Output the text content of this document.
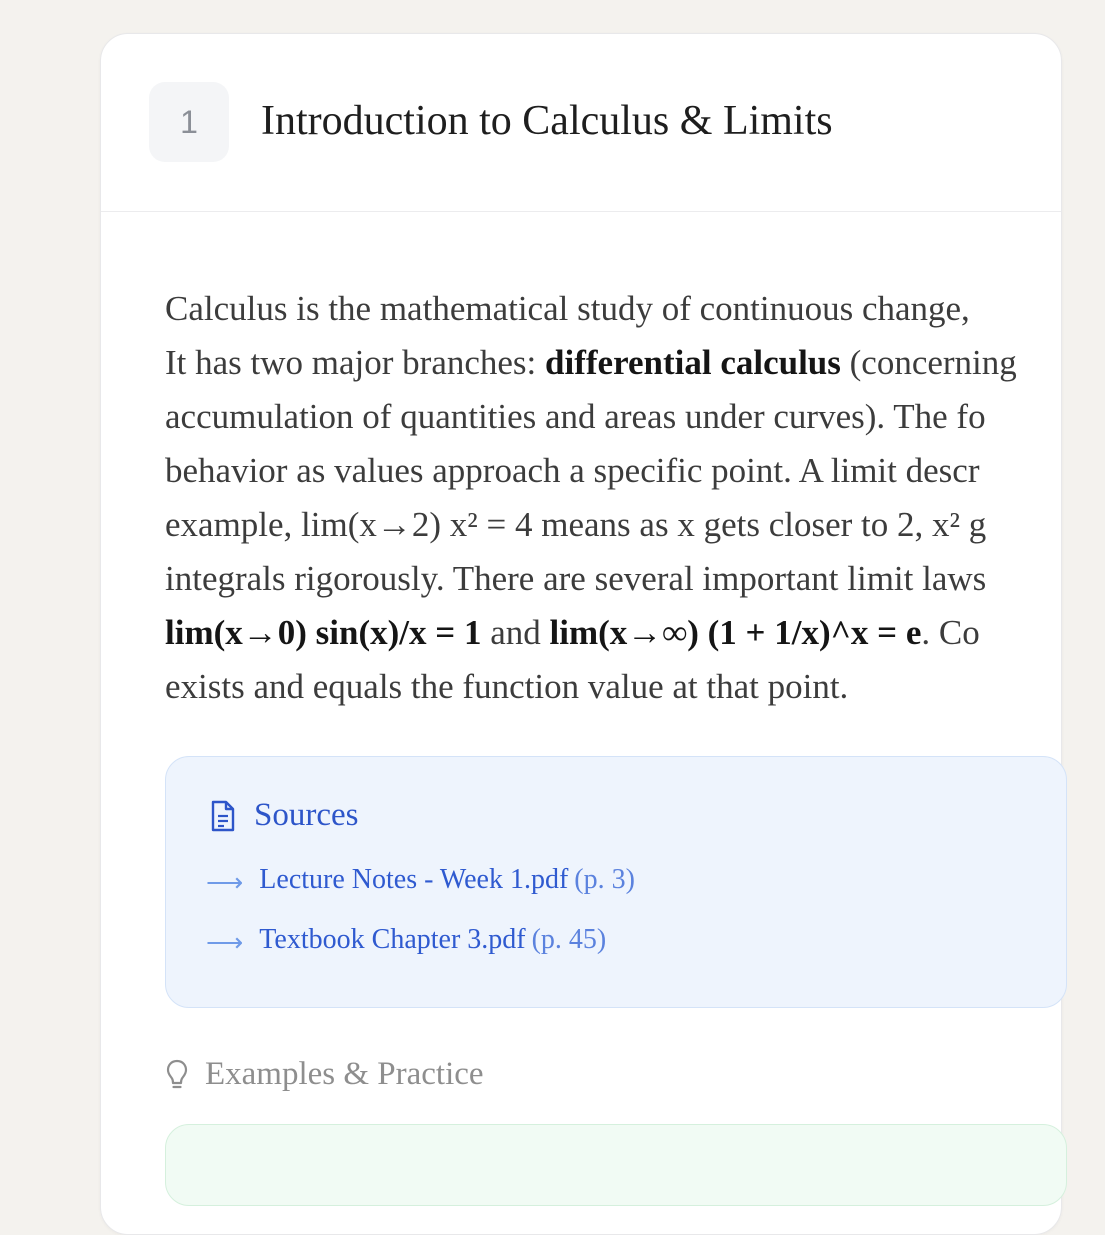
1	Introduction to Calculus & Limits
Calculus is the mathematical study of continuous change,
It has two major branches: differential calculus (concerning
accumulation of quantities and areas under curves). The fo
behavior as values approach a specific point. A limit descr
example, lim(x→2) x² = 4 means as x gets closer to 2, x² g
integrals rigorously. There are several important limit laws
lim(x→0) sin(x)/x = 1 and lim(x→∞) (1 + 1/x)^x = e. Co
exists and equals the function value at that point.
Sources
⟶ Lecture Notes - Week 1.pdf (p. 3)
⟶ Textbook Chapter 3.pdf (p. 45)
Examples & Practice
